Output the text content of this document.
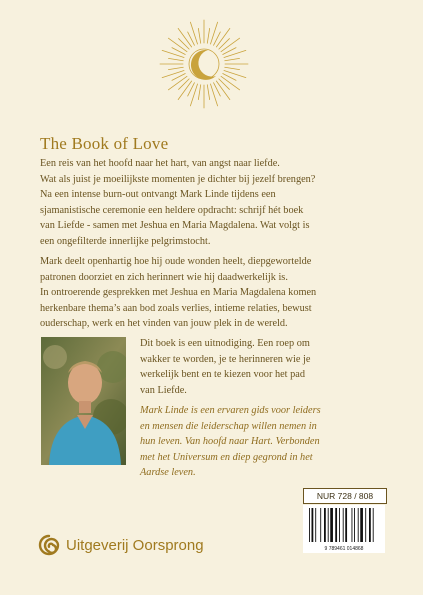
The Book of Love

Een reis van het hoofd naar het hart, van angst naar liefde.

Wat als juist je moeilijkste momenten je dichter bij jezelf brengen?

Na een intense burn-out ontvangt Mark Linde tijdens een

sjamanistische ceremonie een heldere opdracht: schrijf hét boek

van Liefde - samen met Jeshua en Maria Magdalena. Wat volgt is

een ongefilterde innerlijke pelgrimstocht.

Mark deelt openhartig hoe hij oude wonden heelt, diepgewortelde

patronen doorziet en zich herinnert wie hij daadwerkelijk is.

In ontroerende gesprekken met Jeshua en Maria Magdalena komen

herkenbare thema’s aan bod zoals verlies, intieme relaties, bewust

ouderschap, werk en het vinden van jouw plek in de wereld.

Dit boek is een uitnodiging. Een roep om
wakker te worden, je te herinneren wie je
werkelijk bent en te kiezen voor het pad
van Liefde.
Mark Linde is een ervaren gids voor leiders
en mensen die leiderschap willen nemen in
hun leven. Van hoofd naar Hart. Verbonden
met het Universum en diep gegrond in het
Aardse leven.
NUR 728 / 808
9 789461 014868
Uitgeverij Oorsprong
